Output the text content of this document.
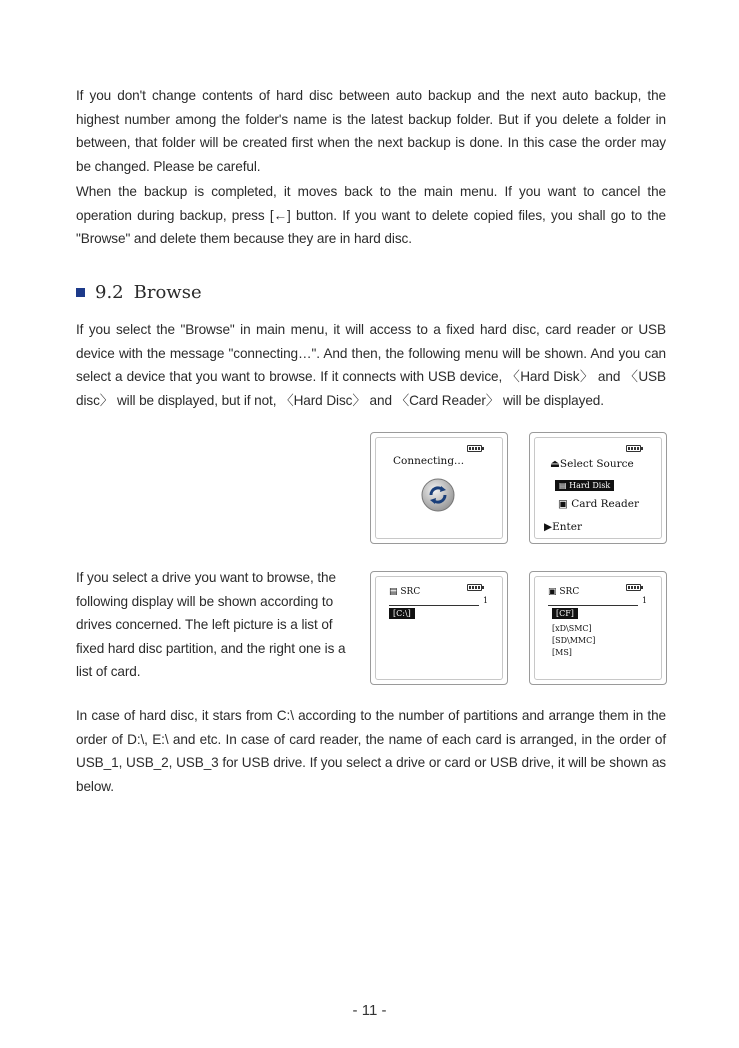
If you don't change contents of hard disc between auto backup and the next auto backup, the highest number among the folder's name is the latest backup folder. But if you delete a folder in between, that folder will be created first when the next backup is done. In this case the order may be changed. Please be careful.

When the backup is completed, it moves back to the main menu. If you want to cancel the operation during backup, press [←] button. If you want to delete copied files, you shall go to the "Browse" and delete them because they are in hard disc.

9.2 Browse

If you select the "Browse" in main menu, it will access to a fixed hard disc, card reader or USB device with the message "connecting…". And then, the following menu will be shown. And you can select a device that you want to browse. If it connects with USB device, 〈Hard Disk〉 and 〈USB disc〉 will be displayed, but if not, 〈Hard Disc〉 and 〈Card Reader〉 will be displayed.

If you select a drive you want to browse, the following display will be shown according to drives concerned. The left picture is a list of fixed hard disc partition, and the right one is a list of card.

In case of hard disc, it stars from C:\ according to the number of partitions and arrange them in the order of D:\, E:\ and etc. In case of card reader, the name of each card is arranged, in the order of USB_1, USB_2, USB_3 for USB drive. If you select a drive or card or USB drive, it will be shown as below.

Connecting...	⏏Select Source
▤ Hard Disk
▣ Card Reader
▶Enter
▤ SRC
1
[C:\]
▣ SRC
1
[CF]
[xD\SMC]
[SD\MMC]
[MS]
- 11 -
